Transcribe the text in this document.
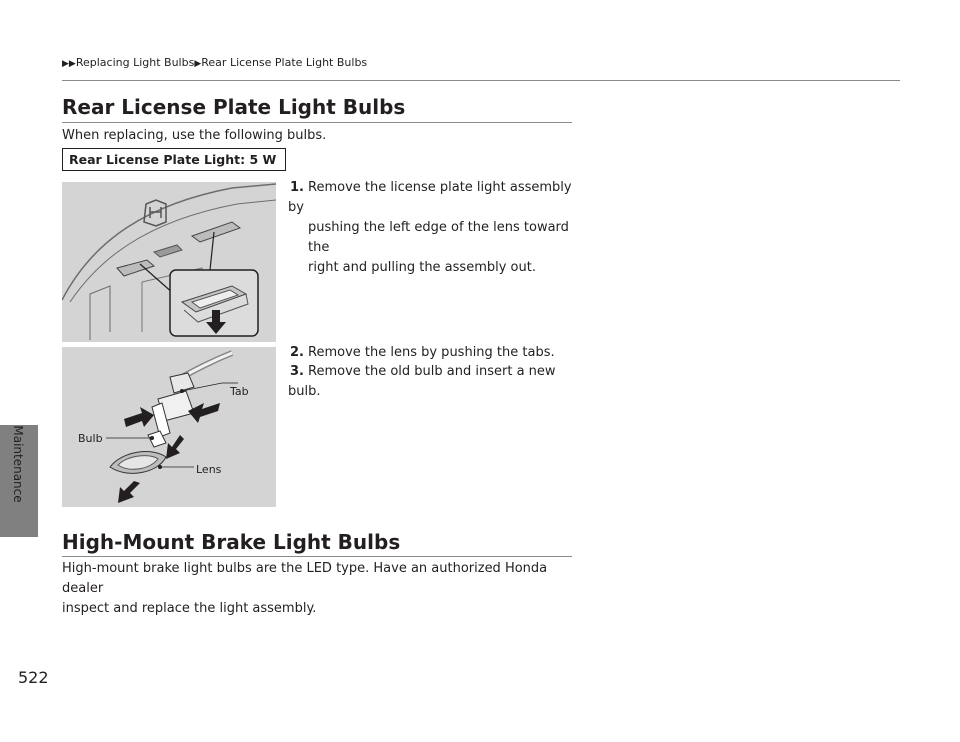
Maintenance
522
▶▶Replacing Light Bulbs▶Rear License Plate Light Bulbs
Rear License Plate Light Bulbs
When replacing, use the following bulbs.
Rear License Plate Light: 5 W
1. Remove the license plate light assembly by
pushing the left edge of the lens toward the
right and pulling the assembly out.
2. Remove the lens by pushing the tabs.
3. Remove the old bulb and insert a new bulb.
Tab
Bulb
Lens
High-Mount Brake Light Bulbs
High-mount brake light bulbs are the LED type. Have an authorized Honda dealer
inspect and replace the light assembly.
